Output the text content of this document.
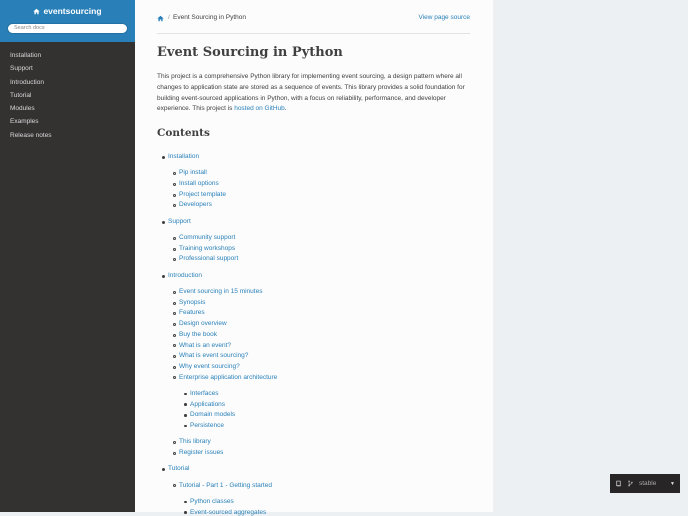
eventsourcing
Search docs
Installation
Support
Introduction
Tutorial
Modules
Examples
Release notes
/ Event Sourcing in Python	View page source
Event Sourcing in Python

This project is a comprehensive Python library for implementing event sourcing, a design pattern where all changes to application state are stored as a sequence of events. This library provides a solid foundation for building event-sourced applications in Python, with a focus on reliability, performance, and developer experience. This project is hosted on GitHub.

Contents
Installation
Pip install
Install options
Project template
Developers
Support
Community support
Training workshops
Professional support
Introduction
Event sourcing in 15 minutes
Synopsis
Features
Design overview
Buy the book
What is an event?
What is event sourcing?
Why event sourcing?
Enterprise application architecture
Interfaces
Applications
Domain models
Persistence
This library
Register issues
Tutorial
Tutorial - Part 1 - Getting started
Python classes
Event-sourced aggregates
stable	▼
